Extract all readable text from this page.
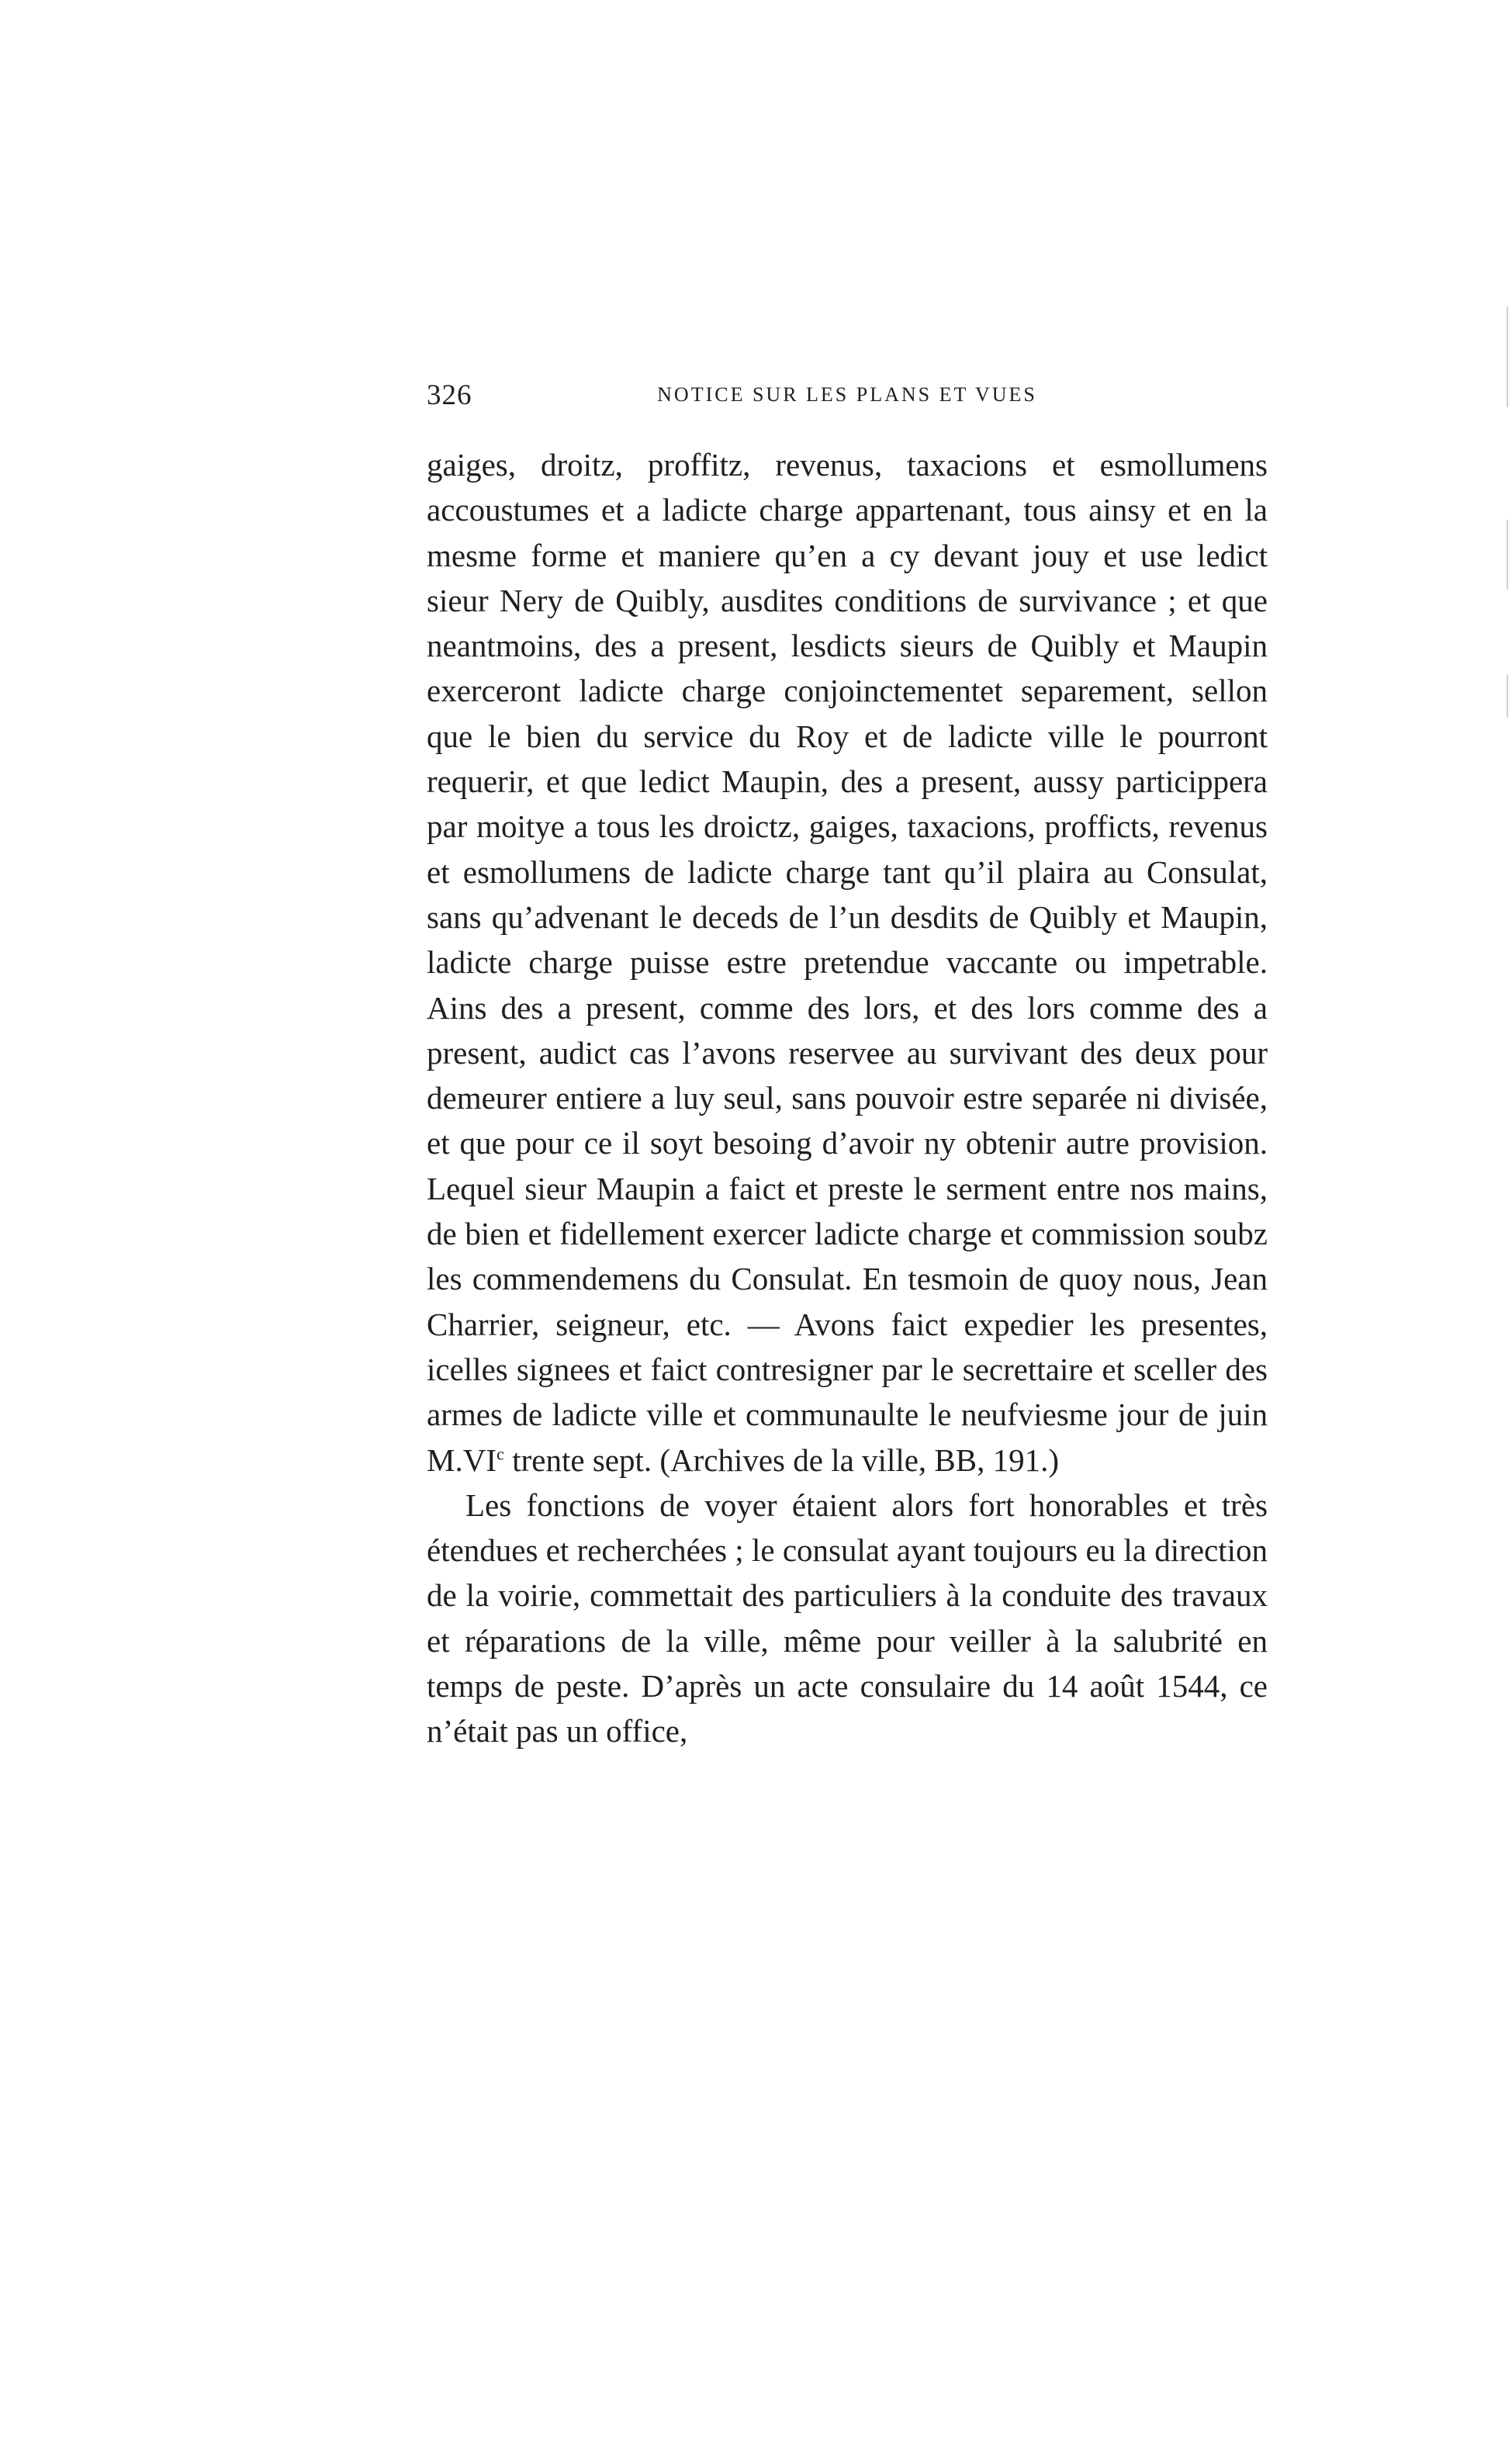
326	NOTICE SUR LES PLANS ET VUES

gaiges, droitz, proffitz, revenus, taxacions et esmollumens accoustumes et a ladicte charge appartenant, tous ainsy et en la mesme forme et maniere qu’en a cy devant jouy et use ledict sieur Nery de Quibly, ausdites conditions de survivance ; et que neantmoins, des a present, lesdicts sieurs de Quibly et Maupin exerceront ladicte charge conjoinctementet separement, sellon que le bien du service du Roy et de ladicte ville le pourront requerir, et que ledict Maupin, des a present, aussy particippera par moitye a tous les droictz, gaiges, taxacions, profficts, revenus et esmollumens de ladicte charge tant qu’il plaira au Consulat, sans qu’advenant le deceds de l’un desdits de Quibly et Maupin, ladicte charge puisse estre pretendue vaccante ou impetrable. Ains des a present, comme des lors, et des lors comme des a present, audict cas l’avons reservee au survivant des deux pour demeurer entiere a luy seul, sans pouvoir estre separée ni divisée, et que pour ce il soyt besoing d’avoir ny obtenir autre provision. Lequel sieur Maupin a faict et preste le serment entre nos mains, de bien et fidellement exercer ladicte charge et commission soubz les commendemens du Consulat. En tesmoin de quoy nous, Jean Charrier, seigneur, etc. — Avons faict expedier les presentes, icelles signees et faict contresigner par le secrettaire et sceller des armes de ladicte ville et communaulte le neufviesme jour de juin $M.VI^c$ trente sept. (Archives de la ville, BB, 191.)

Les fonctions de voyer étaient alors fort honorables et très étendues et recherchées ; le consulat ayant toujours eu la direction de la voirie, commettait des particuliers à la conduite des travaux et réparations de la ville, même pour veiller à la salubrité en temps de peste. D’après un acte consulaire du 14 août 1544, ce n’était pas un office,
